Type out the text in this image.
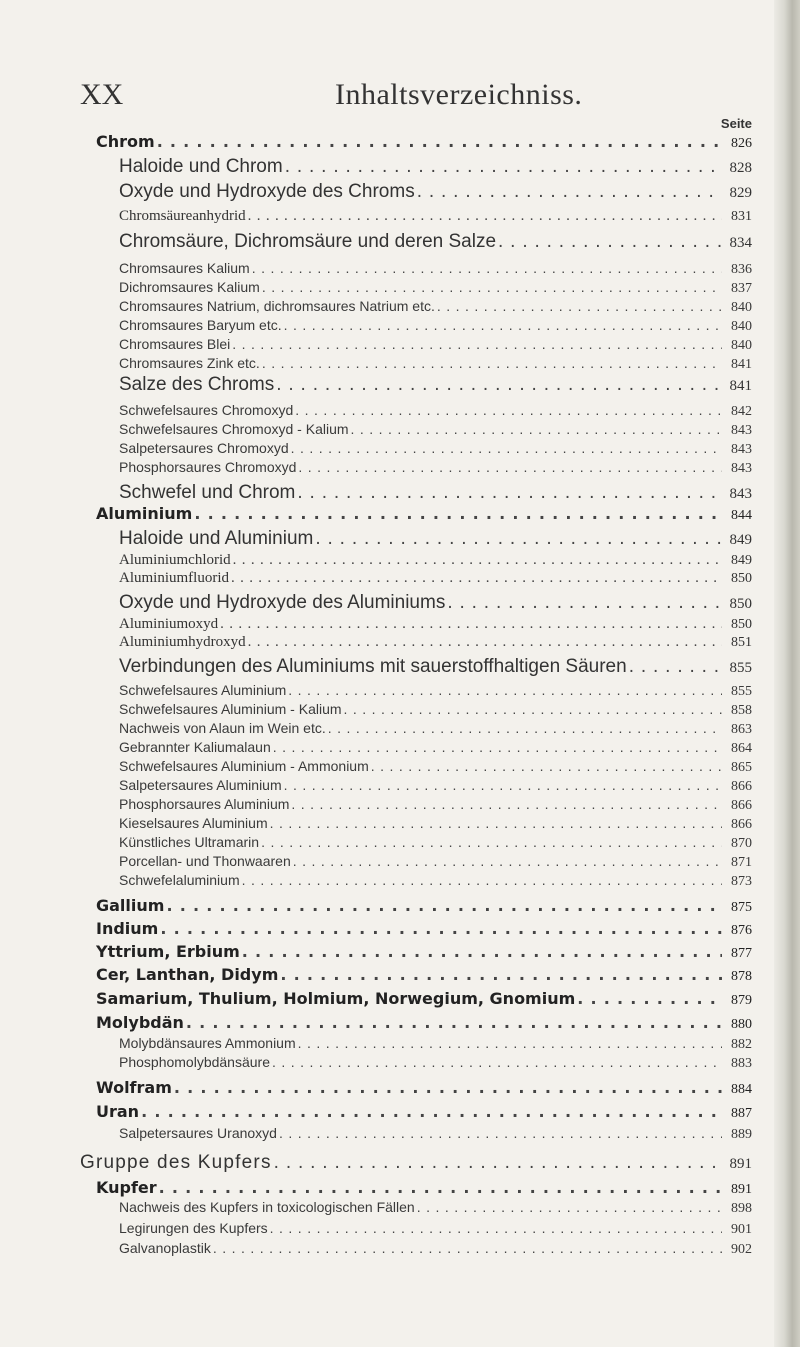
XX	Inhaltsverzeichniss.
Seite
Chrom . . .	826
Haloide und Chrom . . .	828
Oxyde und Hydroxyde des Chroms . . .	829
Chromsäureanhydrid . . .	831
Chromsäure, Dichromsäure und deren Salze . . .	834
Chromsaures Kalium . . .	836
Dichromsaures Kalium . . .	837
Chromsaures Natrium, dichromsaures Natrium etc. . . .	840
Chromsaures Baryum etc. . . .	840
Chromsaures Blei . . .	840
Chromsaures Zink etc. . . .	841
Salze des Chroms . . .	841
Schwefelsaures Chromoxyd . . .	842
Schwefelsaures Chromoxyd - Kalium . . .	843
Salpetersaures Chromoxyd . . .	843
Phosphorsaures Chromoxyd . . .	843
Schwefel und Chrom . . .	843
Aluminium . . .	844
Haloide und Aluminium . . .	849
Aluminiumchlorid . . .	849
Aluminiumfluorid . . .	850
Oxyde und Hydroxyde des Aluminiums . . .	850
Aluminiumoxyd . . .	850
Aluminiumhydroxyd . . .	851
Verbindungen des Aluminiums mit sauerstoffhaltigen Säuren . . .	855
Schwefelsaures Aluminium . . .	855
Schwefelsaures Aluminium - Kalium . . .	858
Nachweis von Alaun im Wein etc. . . .	863
Gebrannter Kaliumalaun . . .	864
Schwefelsaures Aluminium - Ammonium . . .	865
Salpetersaures Aluminium . . .	866
Phosphorsaures Aluminium . . .	866
Kieselsaures Aluminium . . .	866
Künstliches Ultramarin . . .	870
Porcellan- und Thonwaaren . . .	871
Schwefelaluminium . . .	873
Gallium . . .	875
Indium . . .	876
Yttrium, Erbium . . .	877
Cer, Lanthan, Didym . . .	878
Samarium, Thulium, Holmium, Norwegium, Gnomium . . .	879
Molybdän . . .	880
Molybdänsaures Ammonium . . .	882
Phosphomolybdänsäure . . .	883
Wolfram . . .	884
Uran . . .	887
Salpetersaures Uranoxyd . . .	889
Gruppe des Kupfers . . .	891
Kupfer . . .	891
Nachweis des Kupfers in toxicologischen Fällen . . .	898
Legirungen des Kupfers . . .	901
Galvanoplastik . . .	902
